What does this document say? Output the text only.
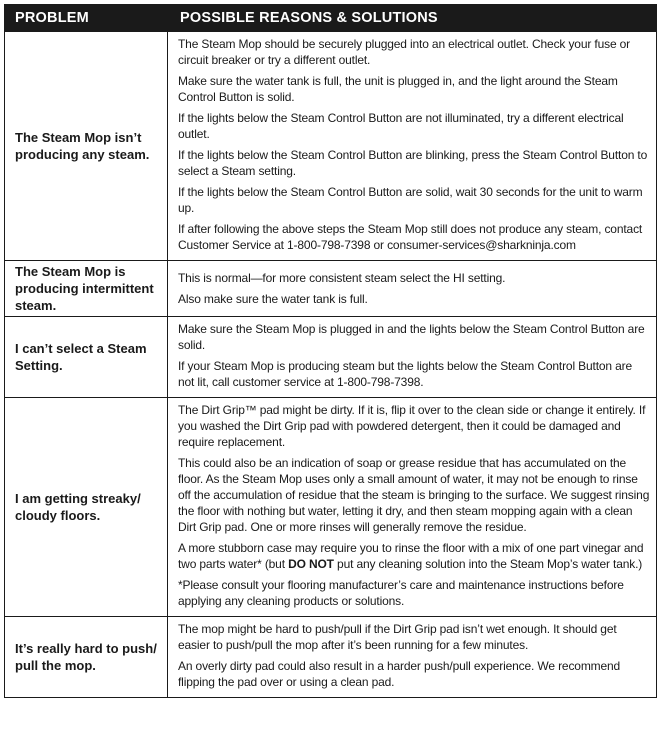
PROBLEM	POSSIBLE REASONS & SOLUTIONS
The Steam Mop isn’t producing any steam.

The Steam Mop should be securely plugged into an electrical outlet. Check your fuse or circuit breaker or try a different outlet.

Make sure the water tank is full, the unit is plugged in, and the light around the Steam Control Button is solid.

If the lights below the Steam Control Button are not illuminated, try a different electrical outlet.

If the lights below the Steam Control Button are blinking, press the Steam Control Button to select a Steam setting.

If the lights below the Steam Control Button are solid, wait 30 seconds for the unit to warm up.

If after following the above steps the Steam Mop still does not produce any steam, contact Customer Service at 1-800-798-7398 or consumer-services@sharkninja.com

The Steam Mop is producing intermittent steam.

This is normal—for more consistent steam select the HI setting.

Also make sure the water tank is full.

I can’t select a Steam Setting.

Make sure the Steam Mop is plugged in and the lights below the Steam Control Button are solid.

If your Steam Mop is producing steam but the lights below the Steam Control Button are not lit, call customer service at 1-800-798-7398.

I am getting streaky/ cloudy floors.

The Dirt Grip™ pad might be dirty. If it is, flip it over to the clean side or change it entirely. If you washed the Dirt Grip pad with powdered detergent, then it could be damaged and require replacement.

This could also be an indication of soap or grease residue that has accumulated on the floor. As the Steam Mop uses only a small amount of water, it may not be enough to rinse off the accumulation of residue that the steam is bringing to the surface. We suggest rinsing the floor with nothing but water, letting it dry, and then steam mopping again with a clean Dirt Grip pad. One or more rinses will generally remove the residue.

A more stubborn case may require you to rinse the floor with a mix of one part vinegar and two parts water* (but DO NOT put any cleaning solution into the Steam Mop’s water tank.)

*Please consult your flooring manufacturer’s care and maintenance instructions before applying any cleaning products or solutions.

It’s really hard to push/ pull the mop.

The mop might be hard to push/pull if the Dirt Grip pad isn’t wet enough. It should get easier to push/pull the mop after it’s been running for a few minutes.

An overly dirty pad could also result in a harder push/pull experience. We recommend flipping the pad over or using a clean pad.
